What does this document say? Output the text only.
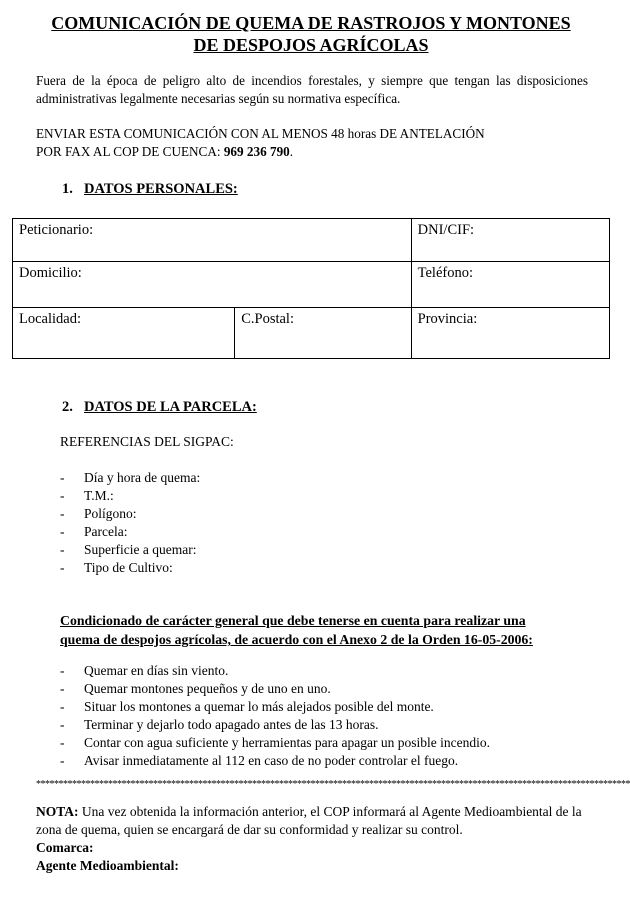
COMUNICACIÓN DE QUEMA DE RASTROJOS Y MONTONES
DE DESPOJOS AGRÍCOLAS
Fuera de la época de peligro alto de incendios forestales, y siempre que tengan las disposiciones administrativas legalmente necesarias según su normativa específica.
ENVIAR ESTA COMUNICACIÓN CON AL MENOS 48 horas DE ANTELACIÓN
POR FAX AL COP DE CUENCA: 969 236 790.
1. DATOS PERSONALES:
Peticionario:		DNI/CIF:
Domicilio:		Teléfono:
Localidad:	C.Postal:	Provincia:
2. DATOS DE LA PARCELA:
REFERENCIAS DEL SIGPAC:
- Día y hora de quema:
- T.M.:
- Polígono:
- Parcela:
- Superficie a quemar:
- Tipo de Cultivo:
Condicionado de carácter general que debe tenerse en cuenta para realizar una
quema de despojos agrícolas, de acuerdo con el Anexo 2 de la Orden 16-05-2006:
- Quemar en días sin viento.
- Quemar montones pequeños y de uno en uno.
- Situar los montones a quemar lo más alejados posible del monte.
- Terminar y dejarlo todo apagado antes de las 13 horas.
- Contar con agua suficiente y herramientas para apagar un posible incendio.
- Avisar inmediatamente al 112 en caso de no poder controlar el fuego.
************************************************************************************************************************************
NOTA: Una vez obtenida la información anterior, el COP informará al Agente Medioambiental de la zona de quema, quien se encargará de dar su conformidad y realizar su control.
Comarca:
Agente Medioambiental:
